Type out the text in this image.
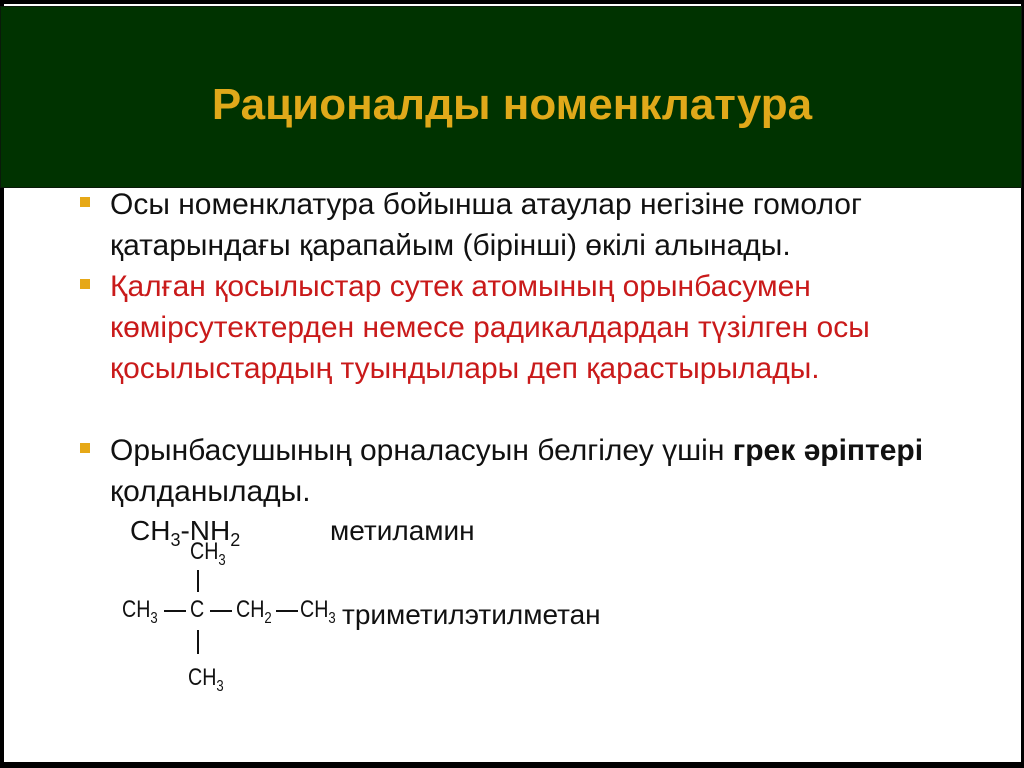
Рационалды номенклатура
Осы номенклатура бойынша атаулар негізіне гомолог қатарындағы қарапайым (бірінші) өкілі алынады.
Қалған қосылыстар сутек атомының орынбасумен көмірсутектерден немесе радикалдардан түзілген осы қосылыстардың туындылары деп қарастырылады.
Орынбасушының орналасуын белгілеу үшін грек әріптері қолданылады.
$CH_3-NH_2$	метиламин
$CH_3$
$CH_3$ C $CH_2$ $CH_3$
$CH_3$
триметилэтилметан
